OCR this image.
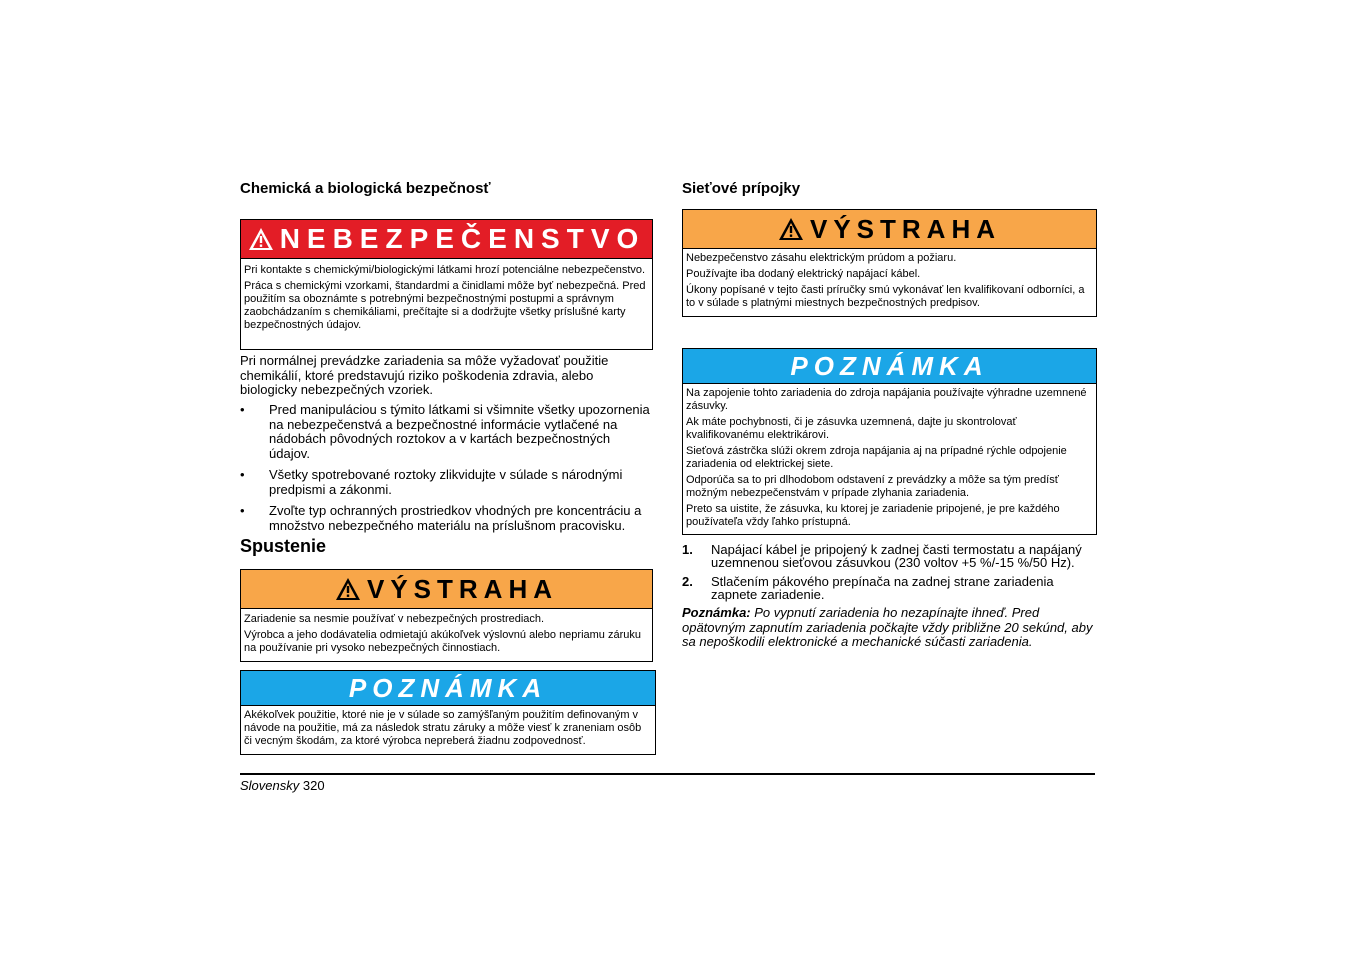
Chemická a biologická bezpečnosť
NEBEZPEČENSTVO

Pri kontakte s chemickými/biologickými látkami hrozí potenciálne nebezpečenstvo.

Práca s chemickými vzorkami, štandardmi a činidlami môže byť nebezpečná. Pred použitím sa oboznámte s potrebnými bezpečnostnými postupmi a správnym zaobchádzaním s chemikáliami, prečítajte si a dodržujte všetky príslušné karty bezpečnostných údajov.

Pri normálnej prevádzke zariadenia sa môže vyžadovať použitie chemikálií, ktoré predstavujú riziko poškodenia zdravia, alebo biologicky nebezpečných vzoriek.
• Pred manipuláciou s týmito látkami si všimnite všetky upozornenia na nebezpečenstvá a bezpečnostné informácie vytlačené na nádobách pôvodných roztokov a v kartách bezpečnostných údajov.
• Všetky spotrebované roztoky zlikvidujte v súlade s národnými predpismi a zákonmi.
• Zvoľte typ ochranných prostriedkov vhodných pre koncentráciu a množstvo nebezpečného materiálu na príslušnom pracovisku.
Spustenie
VÝSTRAHA

Zariadenie sa nesmie používať v nebezpečných prostrediach.

Výrobca a jeho dodávatelia odmietajú akúkoľvek výslovnú alebo nepriamu záruku na používanie pri vysoko nebezpečných činnostiach.

POZNÁMKA

Akékoľvek použitie, ktoré nie je v súlade so zamýšľaným použitím definovaným v návode na použitie, má za následok stratu záruky a môže viesť k zraneniam osôb či vecným škodám, za ktoré výrobca nepreberá žiadnu zodpovednosť.

Sieťové prípojky
VÝSTRAHA

Nebezpečenstvo zásahu elektrickým prúdom a požiaru.

Používajte iba dodaný elektrický napájací kábel.

Úkony popísané v tejto časti príručky smú vykonávať len kvalifikovaní odborníci, a to v súlade s platnými miestnych bezpečnostných predpisov.

POZNÁMKA

Na zapojenie tohto zariadenia do zdroja napájania používajte výhradne uzemnené zásuvky.

Ak máte pochybnosti, či je zásuvka uzemnená, dajte ju skontrolovať kvalifikovanému elektrikárovi.

Sieťová zástrčka slúži okrem zdroja napájania aj na prípadné rýchle odpojenie zariadenia od elektrickej siete.

Odporúča sa to pri dlhodobom odstavení z prevádzky a môže sa tým predísť možným nebezpečenstvám v prípade zlyhania zariadenia.

Preto sa uistite, že zásuvka, ku ktorej je zariadenie pripojené, je pre každého používateľa vždy ľahko prístupná.

1. Napájací kábel je pripojený k zadnej časti termostatu a napájaný uzemnenou sieťovou zásuvkou (230 voltov +5 %/-15 %/50 Hz).
2. Stlačením pákového prepínača na zadnej strane zariadenia zapnete zariadenie.
Poznámka: Po vypnutí zariadenia ho nezapínajte ihneď. Pred opätovným zapnutím zariadenia počkajte vždy približne 20 sekúnd, aby sa nepoškodili elektronické a mechanické súčasti zariadenia.
Slovensky 320
